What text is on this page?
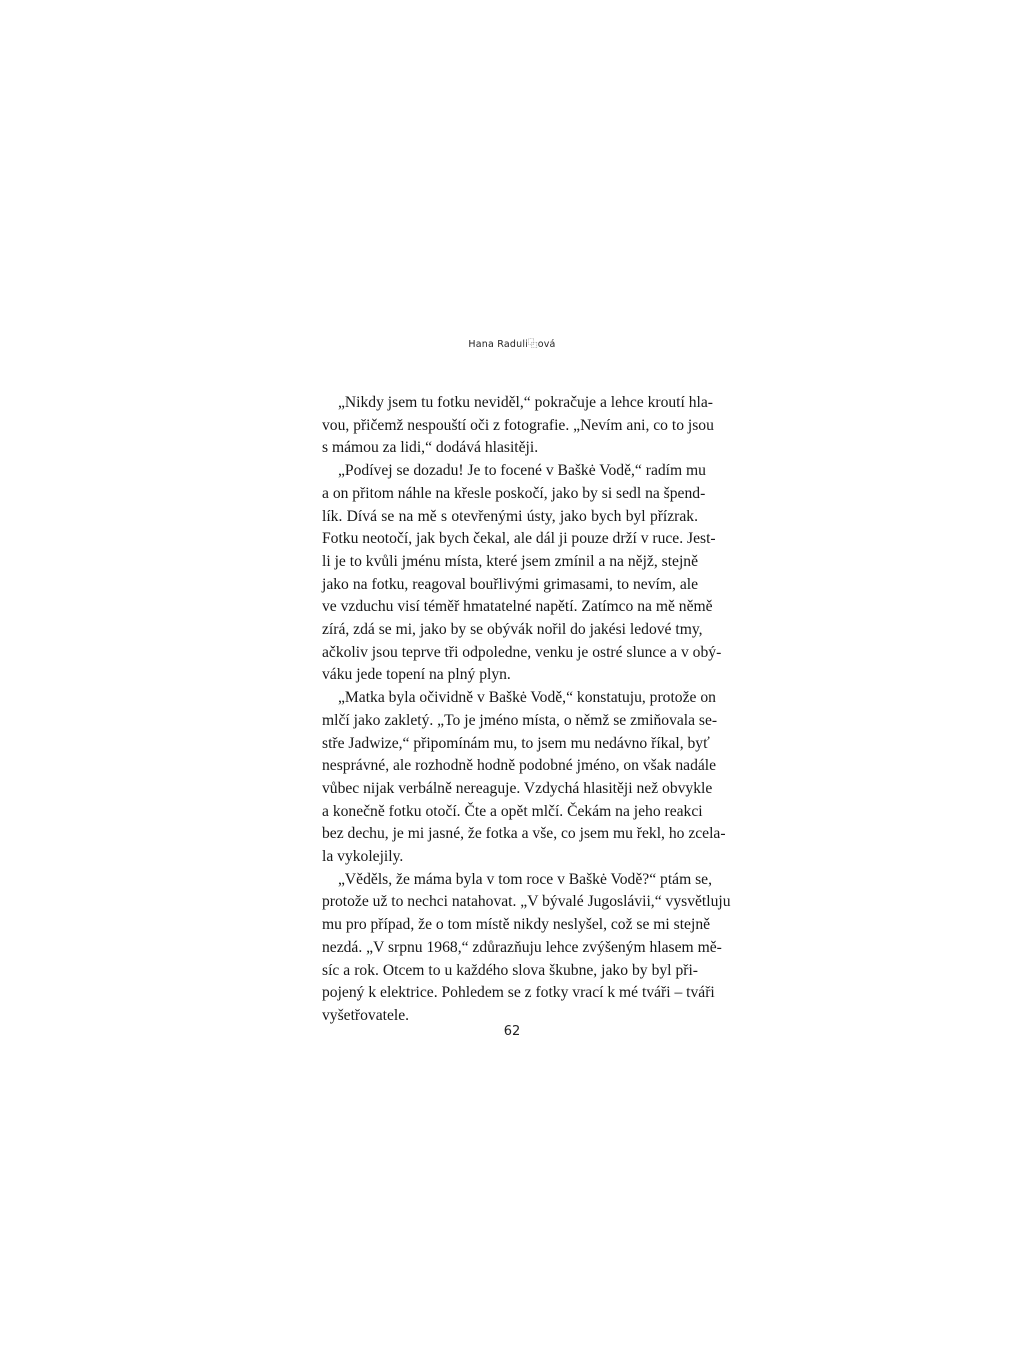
Hana Raduli⿻ová
„Nikdy jsem tu fotku neviděl,“ pokračuje a lehce kroutí hla-
vou, přičemž nespouští oči z fotografie. „Nevím ani, co to jsou
s mámou za lidi,“ dodává hlasitěji.
„Podívej se dozadu! Je to focené v Baškė Vodě,“ radím mu
a on přitom náhle na křesle poskočí, jako by si sedl na špend-
lík. Dívá se na mě s otevřenými ústy, jako bych byl přízrak.
Fotku neotočí, jak bych čekal, ale dál ji pouze drží v ruce. Jest-
li je to kvůli jménu místa, které jsem zmínil a na nějž, stejně
jako na fotku, reagoval bouřlivými grimasami, to nevím, ale
ve vzduchu visí téměř hmatatelné napětí. Zatímco na mě němě
zírá, zdá se mi, jako by se obývák nořil do jakési ledové tmy,
ačkoliv jsou teprve tři odpoledne, venku je ostré slunce a v obý-
váku jede topení na plný plyn.
„Matka byla očividně v Baškė Vodě,“ konstatuju, protože on
mlčí jako zakletý. „To je jméno místa, o němž se zmiňovala se-
stře Jadwize,“ připomínám mu, to jsem mu nedávno říkal, byť
nesprávné, ale rozhodně hodně podobné jméno, on však nadále
vůbec nijak verbálně nereaguje. Vzdychá hlasitěji než obvykle
a konečně fotku otočí. Čte a opět mlčí. Čekám na jeho reakci
bez dechu, je mi jasné, že fotka a vše, co jsem mu řekl, ho zcela-
la vykolejily.
„Věděls, že máma byla v tom roce v Baškė Vodě?“ ptám se,
protože už to nechci natahovat. „V bývalé Jugoslávii,“ vysvětluju
mu pro případ, že o tom místě nikdy neslyšel, což se mi stejně
nezdá. „V srpnu 1968,“ zdůrazňuju lehce zvýšeným hlasem mě-
síc a rok. Otcem to u každého slova škubne, jako by byl při-
pojený k elektrice. Pohledem se z fotky vrací k mé tváři – tváři
vyšetřovatele.
62
